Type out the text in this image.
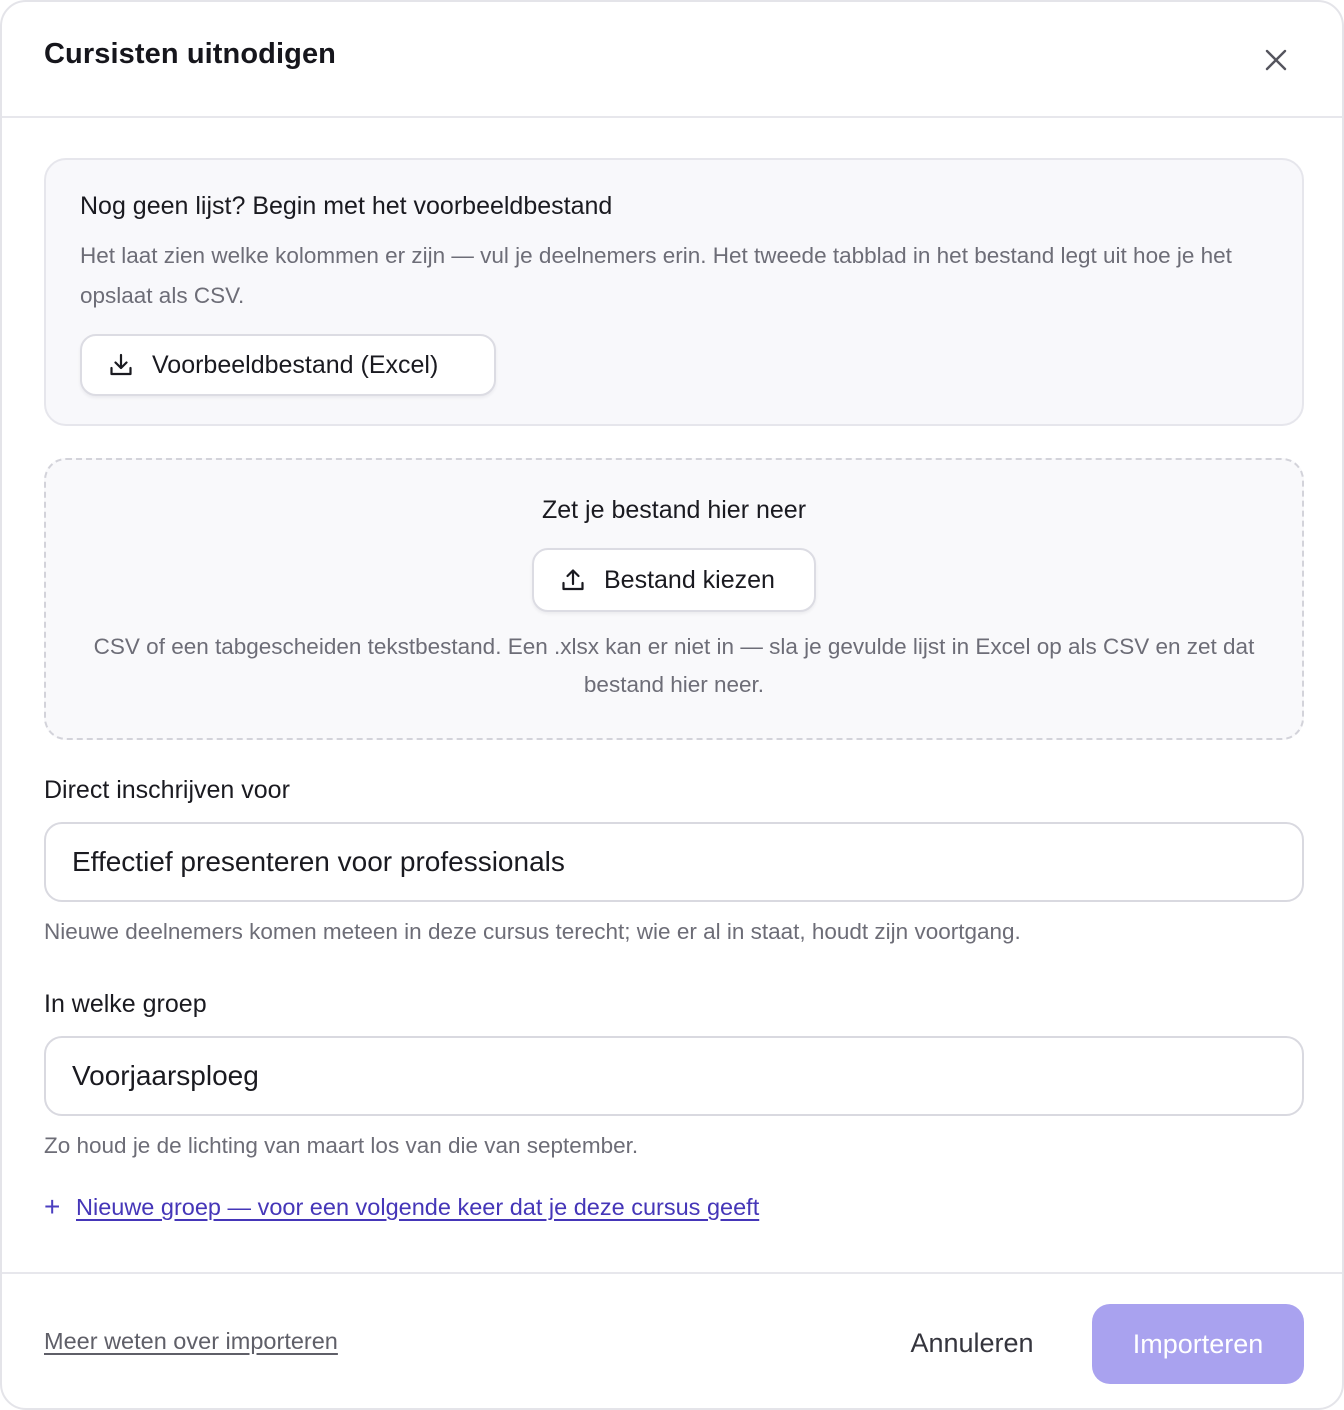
Cursisten uitnodigen
Nog geen lijst? Begin met het voorbeeldbestand
Het laat zien welke kolommen er zijn — vul je deelnemers erin. Het tweede tabblad in het bestand legt uit hoe je het opslaat als CSV.
Voorbeeldbestand (Excel)
Zet je bestand hier neer
Bestand kiezen
CSV of een tabgescheiden tekstbestand. Een .xlsx kan er niet in — sla je gevulde lijst in Excel op als CSV en zet dat bestand hier neer.
Direct inschrijven voor
Effectief presenteren voor professionals
Nieuwe deelnemers komen meteen in deze cursus terecht; wie er al in staat, houdt zijn voortgang.
In welke groep
Voorjaarsploeg
Zo houd je de lichting van maart los van die van september.
+ Nieuwe groep — voor een volgende keer dat je deze cursus geeft
Meer weten over importeren	Annuleren	Importeren
